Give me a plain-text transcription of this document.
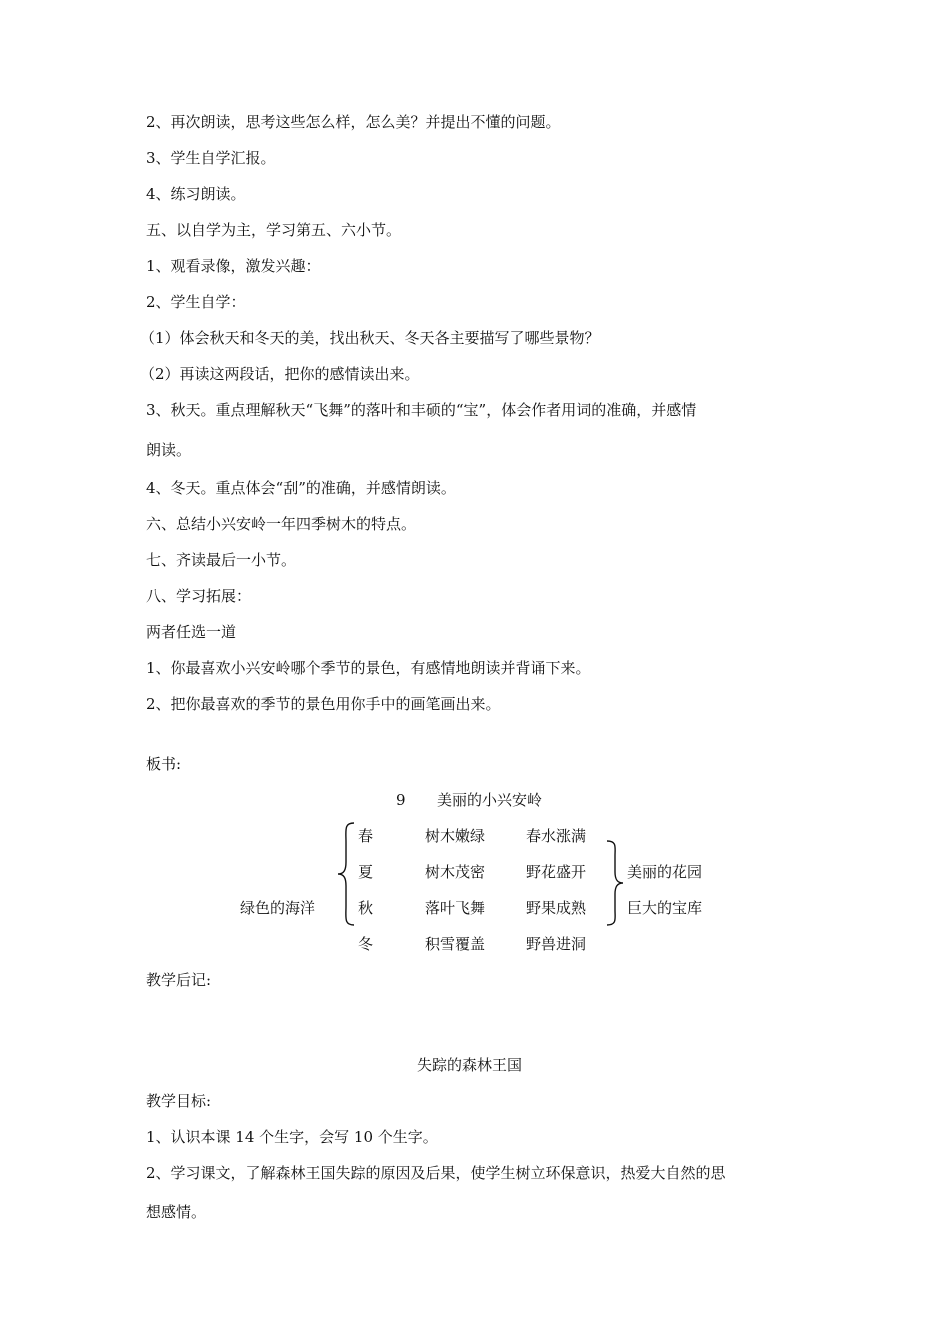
2、再次朗读，思考这些怎么样，怎么美？并提出不懂的问题。
3、学生自学汇报。
4、练习朗读。
五、以自学为主，学习第五、六小节。
1、观看录像，激发兴趣：
2、学生自学：
（1）体会秋天和冬天的美，找出秋天、冬天各主要描写了哪些景物？
（2）再读这两段话，把你的感情读出来。
3、秋天。重点理解秋天“飞舞”的落叶和丰硕的“宝”，体会作者用词的准确，并感情
朗读。
4、冬天。重点体会“刮”的准确，并感情朗读。
六、总结小兴安岭一年四季树木的特点。
七、齐读最后一小节。
八、学习拓展：
两者任选一道
1、你最喜欢小兴安岭哪个季节的景色，有感情地朗读并背诵下来。
2、把你最喜欢的季节的景色用你手中的画笔画出来。
板书:
9 美丽的小兴安岭
绿色的海洋
春	树木嫩绿	春水涨满
夏	树木茂密	野花盛开
秋	落叶飞舞	野果成熟
冬	积雪覆盖	野兽进洞
美丽的花园
巨大的宝库
教学后记:
失踪的森林王国
教学目标:
1、认识本课 14 个生字，会写 10 个生字。
2、学习课文，了解森林王国失踪的原因及后果，使学生树立环保意识，热爱大自然的思
想感情。
